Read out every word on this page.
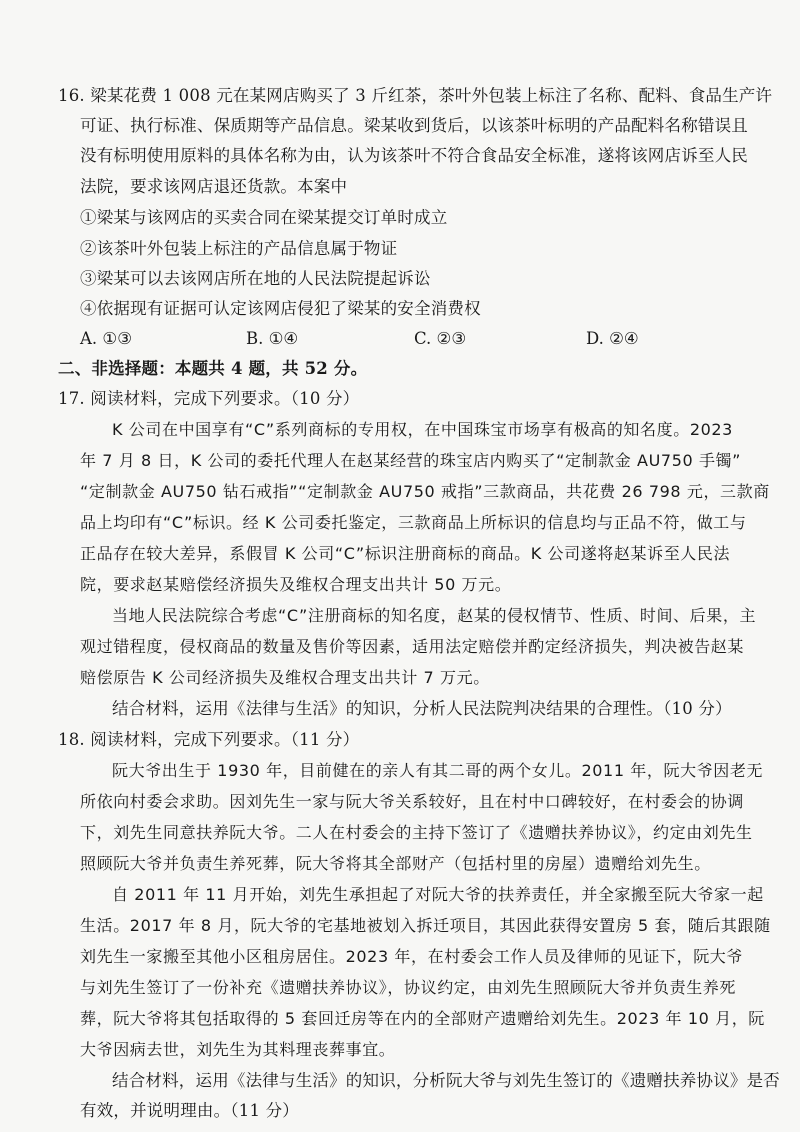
16. 梁某花费 1 008 元在某网店购买了 3 斤红茶，茶叶外包装上标注了名称、配料、食品生产许
可证、执行标准、保质期等产品信息。梁某收到货后，以该茶叶标明的产品配料名称错误且
没有标明使用原料的具体名称为由，认为该茶叶不符合食品安全标准，遂将该网店诉至人民
法院，要求该网店退还货款。本案中
①梁某与该网店的买卖合同在梁某提交订单时成立
②该茶叶外包装上标注的产品信息属于物证
③梁某可以去该网店所在地的人民法院提起诉讼
④依据现有证据可认定该网店侵犯了梁某的安全消费权
A. ①③	B. ①④	C. ②③	D. ②④
二、非选择题：本题共 4 题，共 52 分。
17. 阅读材料，完成下列要求。（10 分）
K 公司在中国享有“C”系列商标的专用权，在中国珠宝市场享有极高的知名度。2023
年 7 月 8 日，K 公司的委托代理人在赵某经营的珠宝店内购买了“定制款金 AU750 手镯”
“定制款金 AU750 钻石戒指”“定制款金 AU750 戒指”三款商品，共花费 26 798 元，三款商
品上均印有“C”标识。经 K 公司委托鉴定，三款商品上所标识的信息均与正品不符，做工与
正品存在较大差异，系假冒 K 公司“C”标识注册商标的商品。K 公司遂将赵某诉至人民法
院，要求赵某赔偿经济损失及维权合理支出共计 50 万元。
当地人民法院综合考虑“C”注册商标的知名度，赵某的侵权情节、性质、时间、后果，主
观过错程度，侵权商品的数量及售价等因素，适用法定赔偿并酌定经济损失，判决被告赵某
赔偿原告 K 公司经济损失及维权合理支出共计 7 万元。
结合材料，运用《法律与生活》的知识，分析人民法院判决结果的合理性。（10 分）
18. 阅读材料，完成下列要求。（11 分）
阮大爷出生于 1930 年，目前健在的亲人有其二哥的两个女儿。2011 年，阮大爷因老无
所依向村委会求助。因刘先生一家与阮大爷关系较好，且在村中口碑较好，在村委会的协调
下，刘先生同意扶养阮大爷。二人在村委会的主持下签订了《遗赠扶养协议》，约定由刘先生
照顾阮大爷并负责生养死葬，阮大爷将其全部财产（包括村里的房屋）遗赠给刘先生。
自 2011 年 11 月开始，刘先生承担起了对阮大爷的扶养责任，并全家搬至阮大爷家一起
生活。2017 年 8 月，阮大爷的宅基地被划入拆迁项目，其因此获得安置房 5 套，随后其跟随
刘先生一家搬至其他小区租房居住。2023 年，在村委会工作人员及律师的见证下，阮大爷
与刘先生签订了一份补充《遗赠扶养协议》，协议约定，由刘先生照顾阮大爷并负责生养死
葬，阮大爷将其包括取得的 5 套回迁房等在内的全部财产遗赠给刘先生。2023 年 10 月，阮
大爷因病去世，刘先生为其料理丧葬事宜。
结合材料，运用《法律与生活》的知识，分析阮大爷与刘先生签订的《遗赠扶养协议》是否
有效，并说明理由。（11 分）
